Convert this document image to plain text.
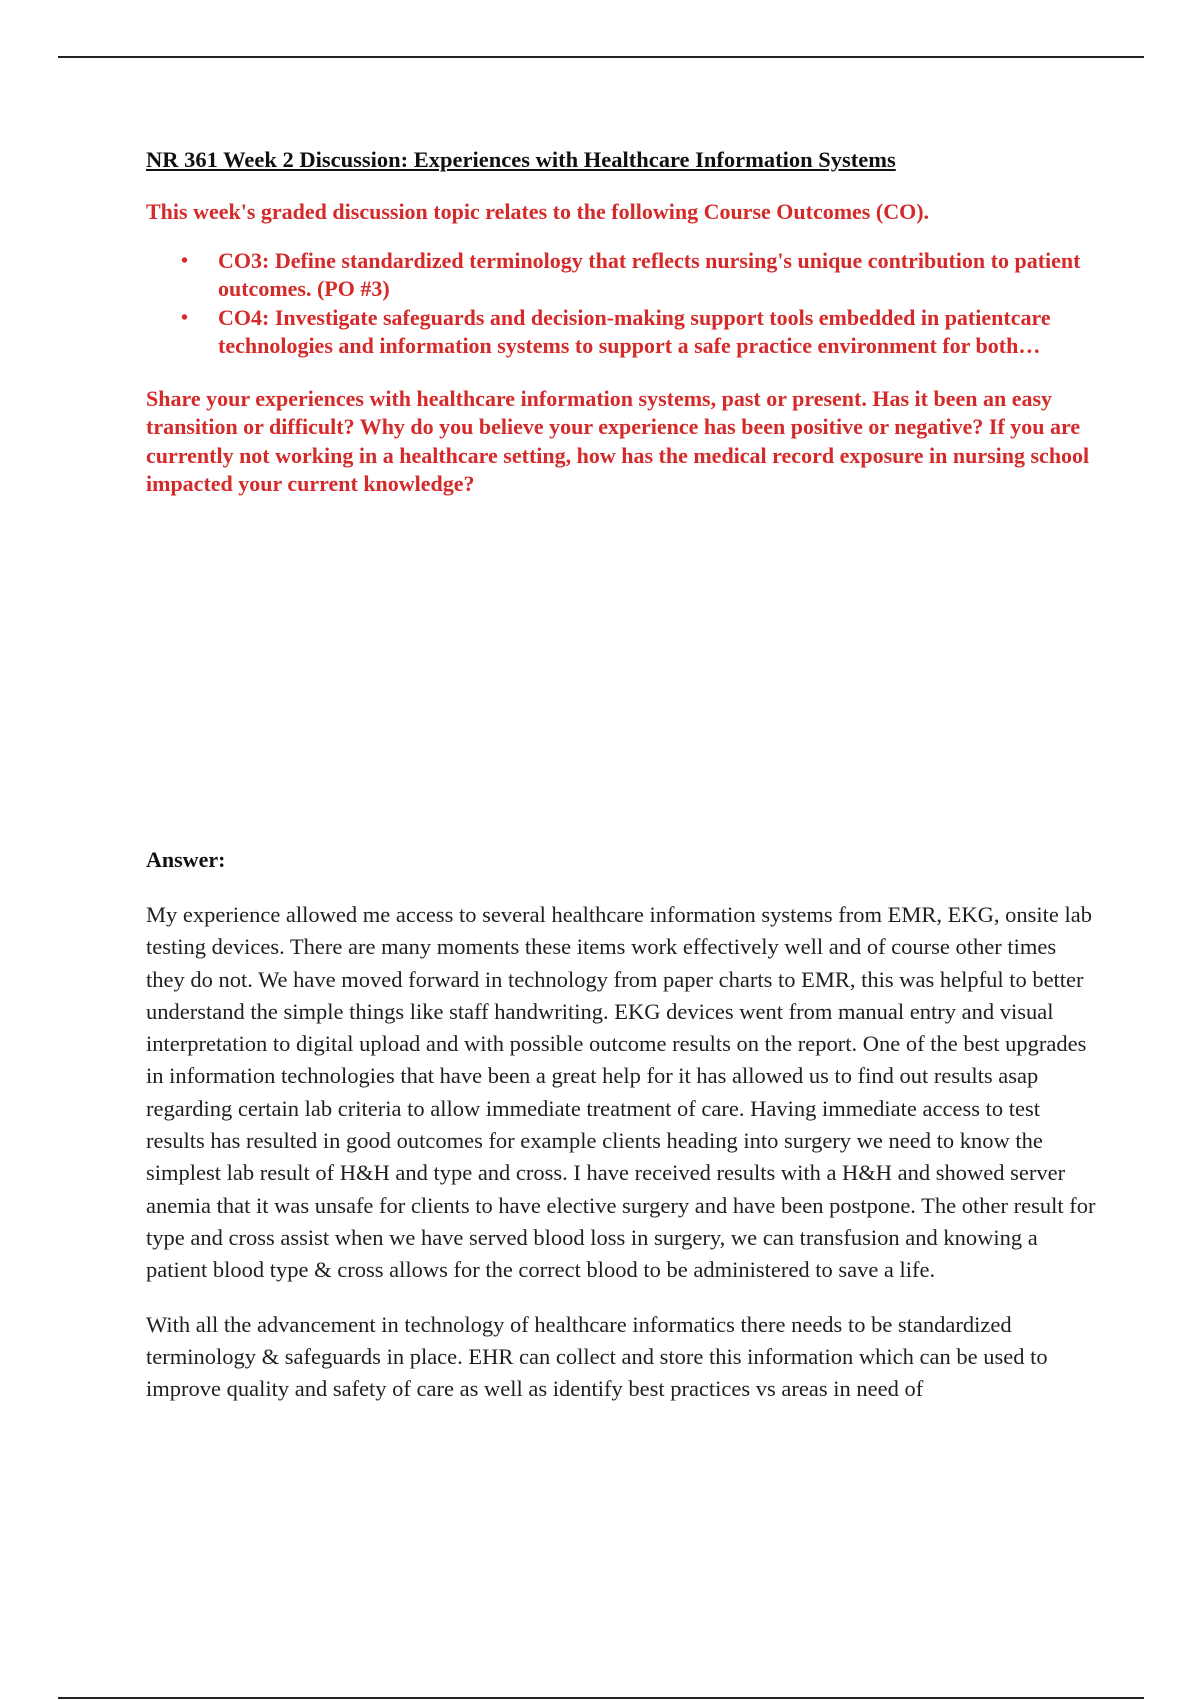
NR 361 Week 2 Discussion: Experiences with Healthcare Information Systems

This week's graded discussion topic relates to the following Course Outcomes (CO).

• CO3: Define standardized terminology that reflects nursing's unique contribution to patient outcomes. (PO #3)
• CO4: Investigate safeguards and decision-making support tools embedded in patientcare technologies and information systems to support a safe practice environment for both…

Share your experiences with healthcare information systems, past or present. Has it been an easy transition or difficult? Why do you believe your experience has been positive or negative? If you are currently not working in a healthcare setting, how has the medical record exposure in nursing school impacted your current knowledge?

Answer:

My experience allowed me access to several healthcare information systems from EMR, EKG, onsite lab testing devices. There are many moments these items work effectively well and of course other times they do not. We have moved forward in technology from paper charts to EMR, this was helpful to better understand the simple things like staff handwriting. EKG devices went from manual entry and visual interpretation to digital upload and with possible outcome results on the report. One of the best upgrades in information technologies that have been a great help for it has allowed us to find out results asap regarding certain lab criteria to allow immediate treatment of care. Having immediate access to test results has resulted in good outcomes for example clients heading into surgery we need to know the simplest lab result of H&H and type and cross. I have received results with a H&H and showed server anemia that it was unsafe for clients to have elective surgery and have been postpone. The other result for type and cross assist when we have served blood loss in surgery, we can transfusion and knowing a patient blood type & cross allows for the correct blood to be administered to save a life.

With all the advancement in technology of healthcare informatics there needs to be standardized terminology & safeguards in place. EHR can collect and store this information which can be used to improve quality and safety of care as well as identify best practices vs areas in need of
